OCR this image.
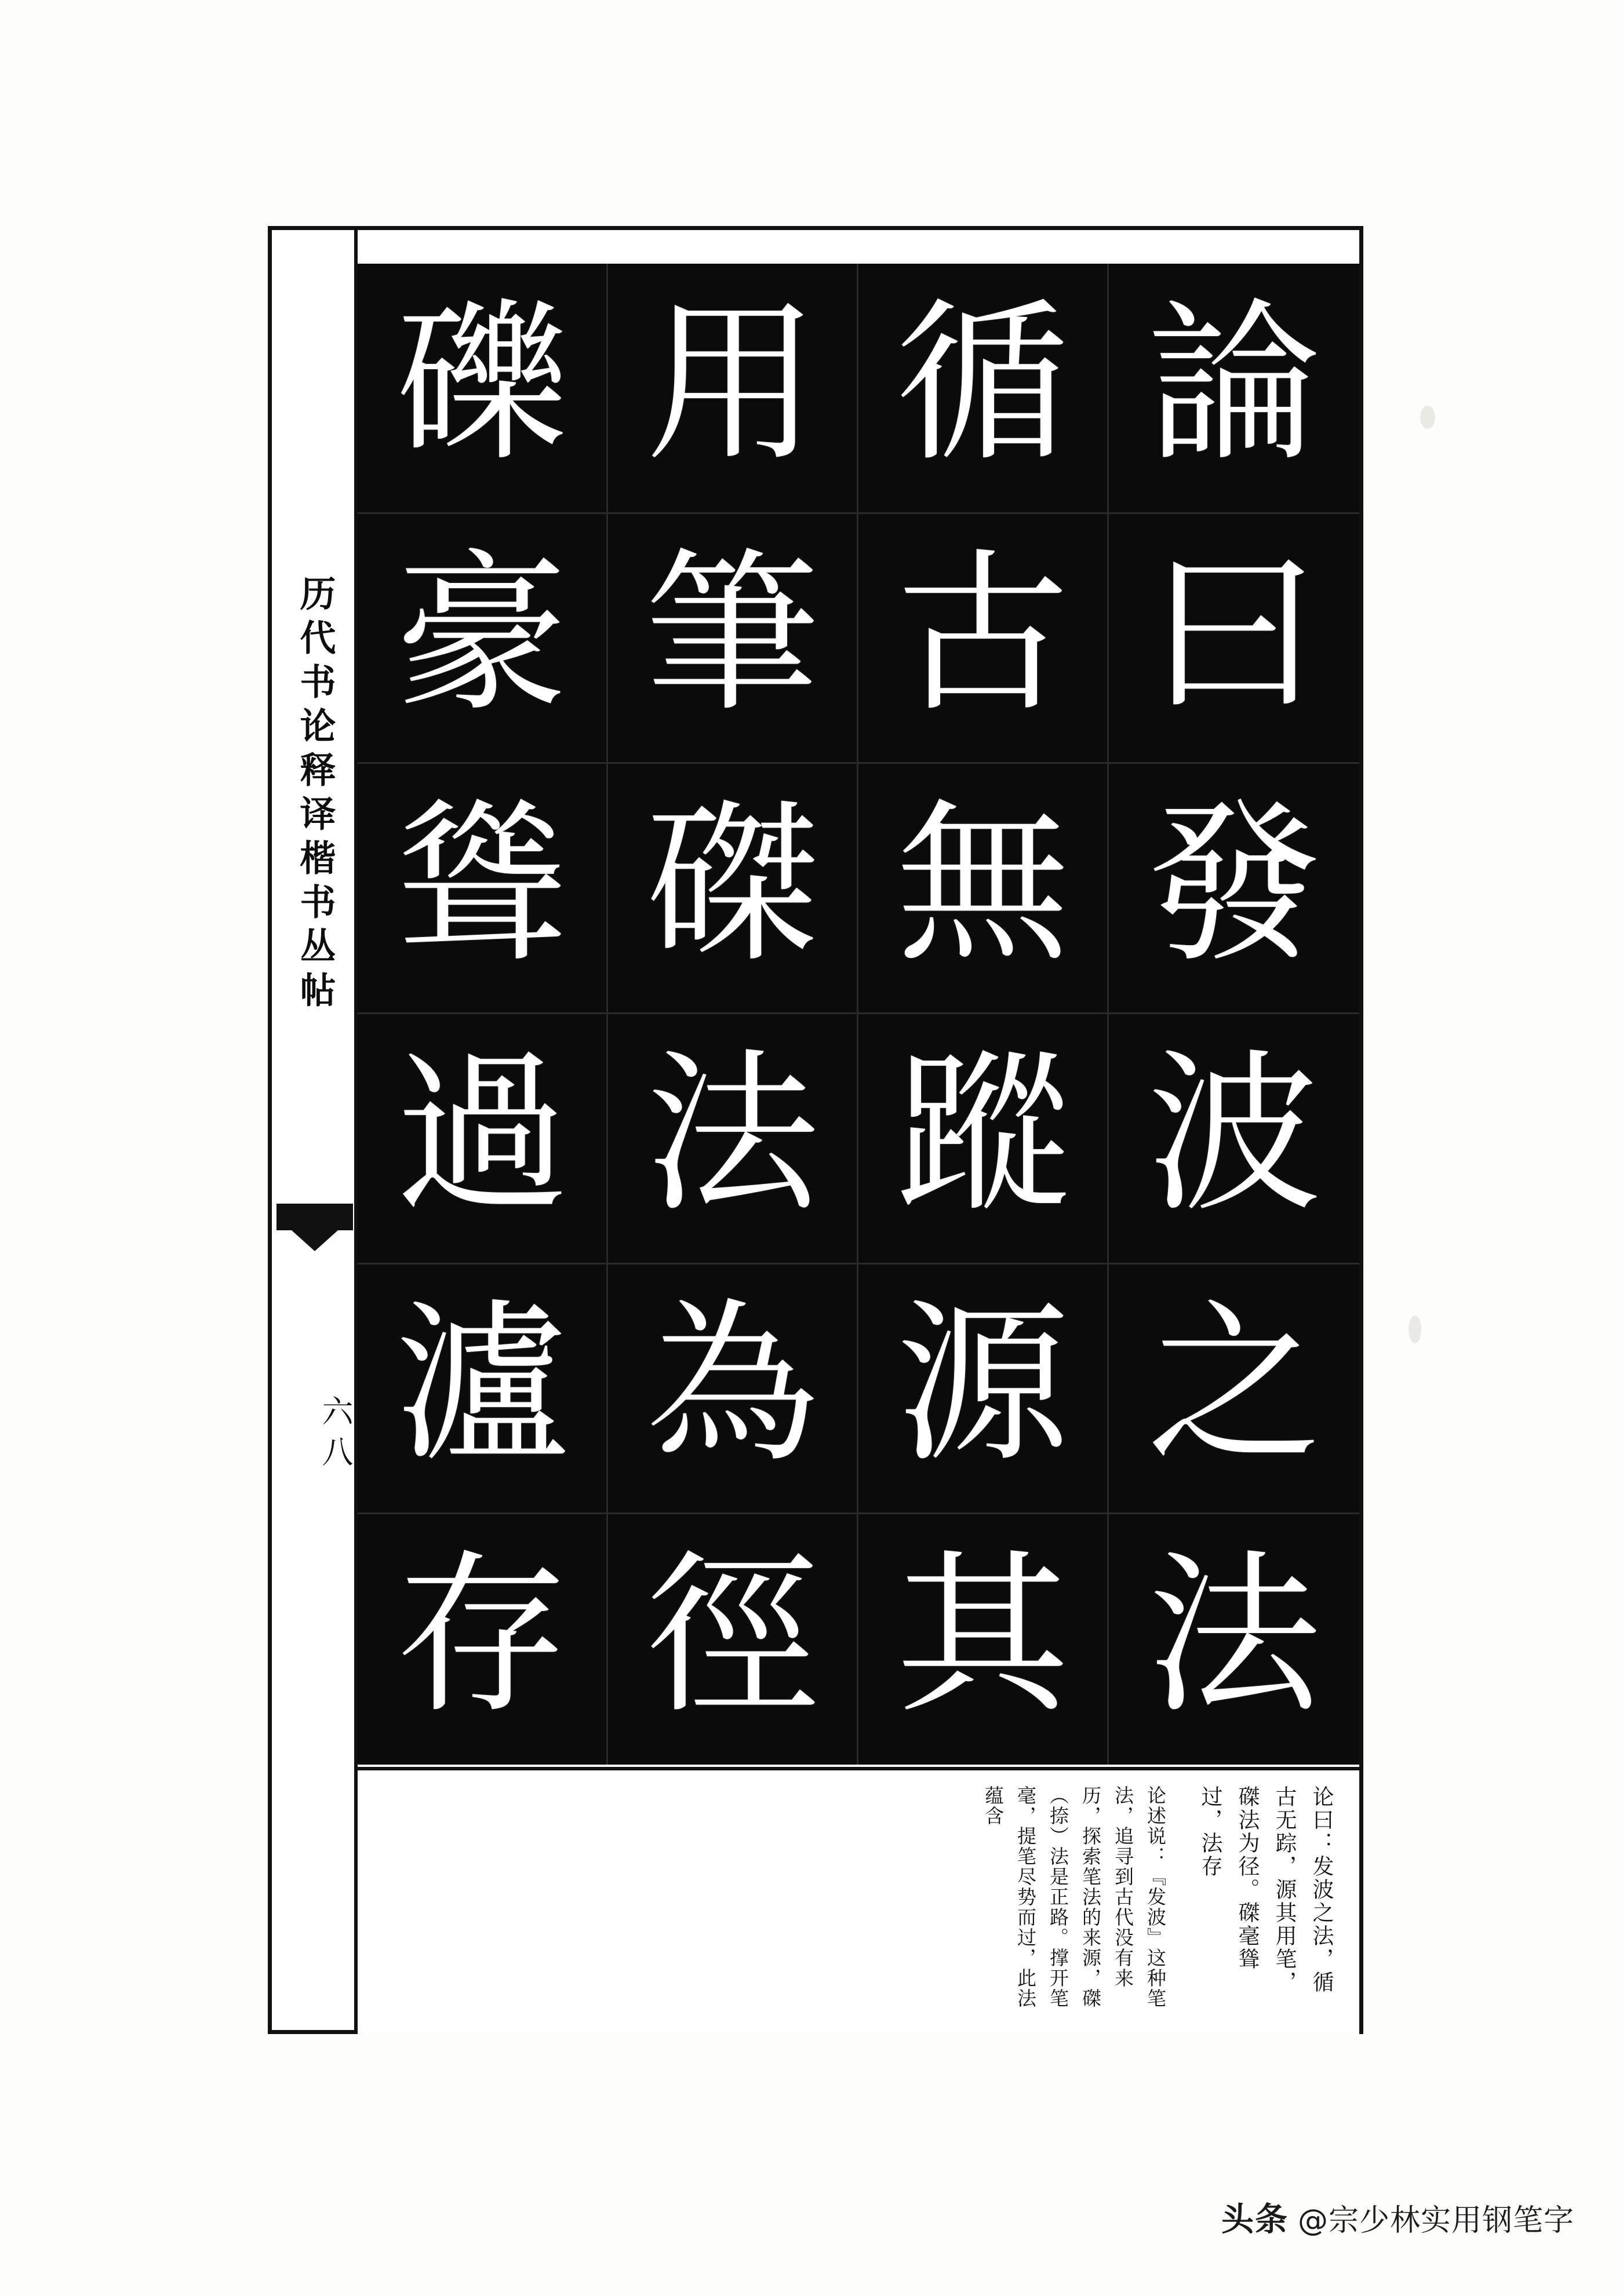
历代书论释译楷书丛帖
六八
礫 用 循 論
豪 筆 古 曰
聳 磔 無 發
過 法 蹤 波
瀘 為 源 之
存 徑 其 法
论曰：发波之法，循古无踪，源其用笔，磔法为径。磔毫聳过，法存
论述说：『发波』这种笔法，追寻到古代没有来历，探索笔法的来源，磔（捺）法是正路。撑开笔毫，提笔尽势而过，此法蕴含
头条 @宗少林实用钢笔字
